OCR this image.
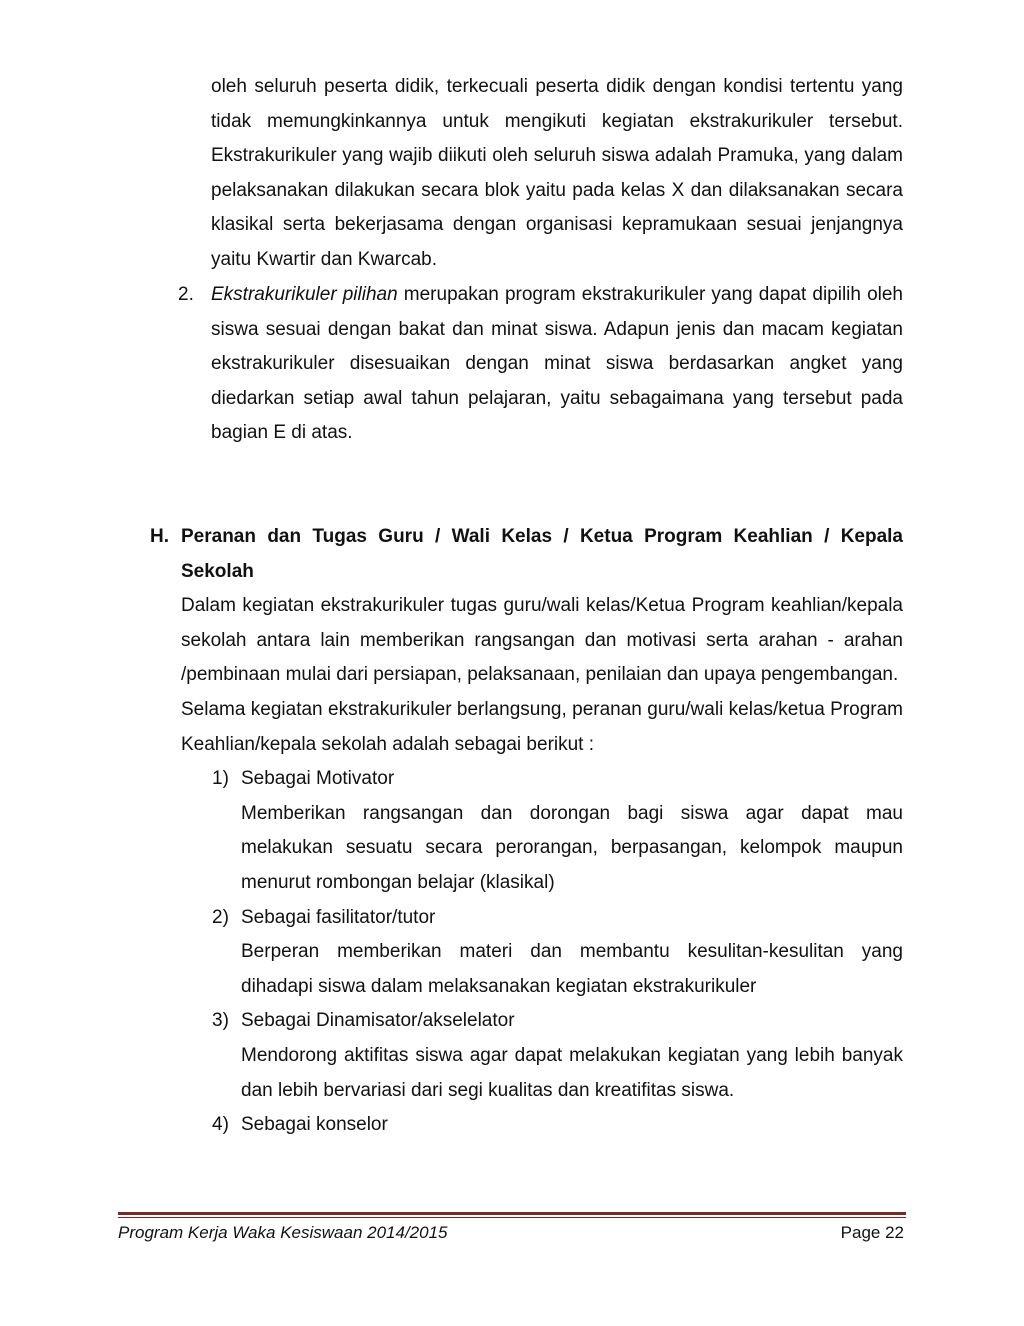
oleh seluruh peserta didik, terkecuali peserta didik dengan kondisi tertentu yang tidak memungkinkannya untuk mengikuti kegiatan ekstrakurikuler tersebut. Ekstrakurikuler yang wajib diikuti oleh seluruh siswa adalah Pramuka, yang dalam pelaksanakan dilakukan secara blok yaitu pada kelas X dan dilaksanakan secara klasikal serta bekerjasama dengan organisasi kepramukaan sesuai jenjangnya yaitu Kwartir dan Kwarcab.

2. Ekstrakurikuler pilihan merupakan program ekstrakurikuler yang dapat dipilih oleh siswa sesuai dengan bakat dan minat siswa. Adapun jenis dan macam kegiatan ekstrakurikuler disesuaikan dengan minat siswa berdasarkan angket yang diedarkan setiap awal tahun pelajaran, yaitu sebagaimana yang tersebut pada bagian E di atas.

H. Peranan dan Tugas Guru / Wali Kelas / Ketua Program Keahlian / Kepala Sekolah

Dalam kegiatan ekstrakurikuler tugas guru/wali kelas/Ketua Program keahlian/kepala sekolah antara lain memberikan rangsangan dan motivasi serta arahan - arahan /pembinaan mulai dari persiapan, pelaksanaan, penilaian dan upaya pengembangan.

Selama kegiatan ekstrakurikuler berlangsung, peranan guru/wali kelas/ketua Program Keahlian/kepala sekolah adalah sebagai berikut :

1) Sebagai Motivator

Memberikan rangsangan dan dorongan bagi siswa agar dapat mau melakukan sesuatu secara perorangan, berpasangan, kelompok maupun menurut rombongan belajar (klasikal)

2) Sebagai fasilitator/tutor

Berperan memberikan materi dan membantu kesulitan-kesulitan yang dihadapi siswa dalam melaksanakan kegiatan ekstrakurikuler

3) Sebagai Dinamisator/akselelator

Mendorong aktifitas siswa agar dapat melakukan kegiatan yang lebih banyak dan lebih bervariasi dari segi kualitas dan kreatifitas siswa.

4) Sebagai konselor
Program Kerja Waka Kesiswaan 2014/2015	Page 22
